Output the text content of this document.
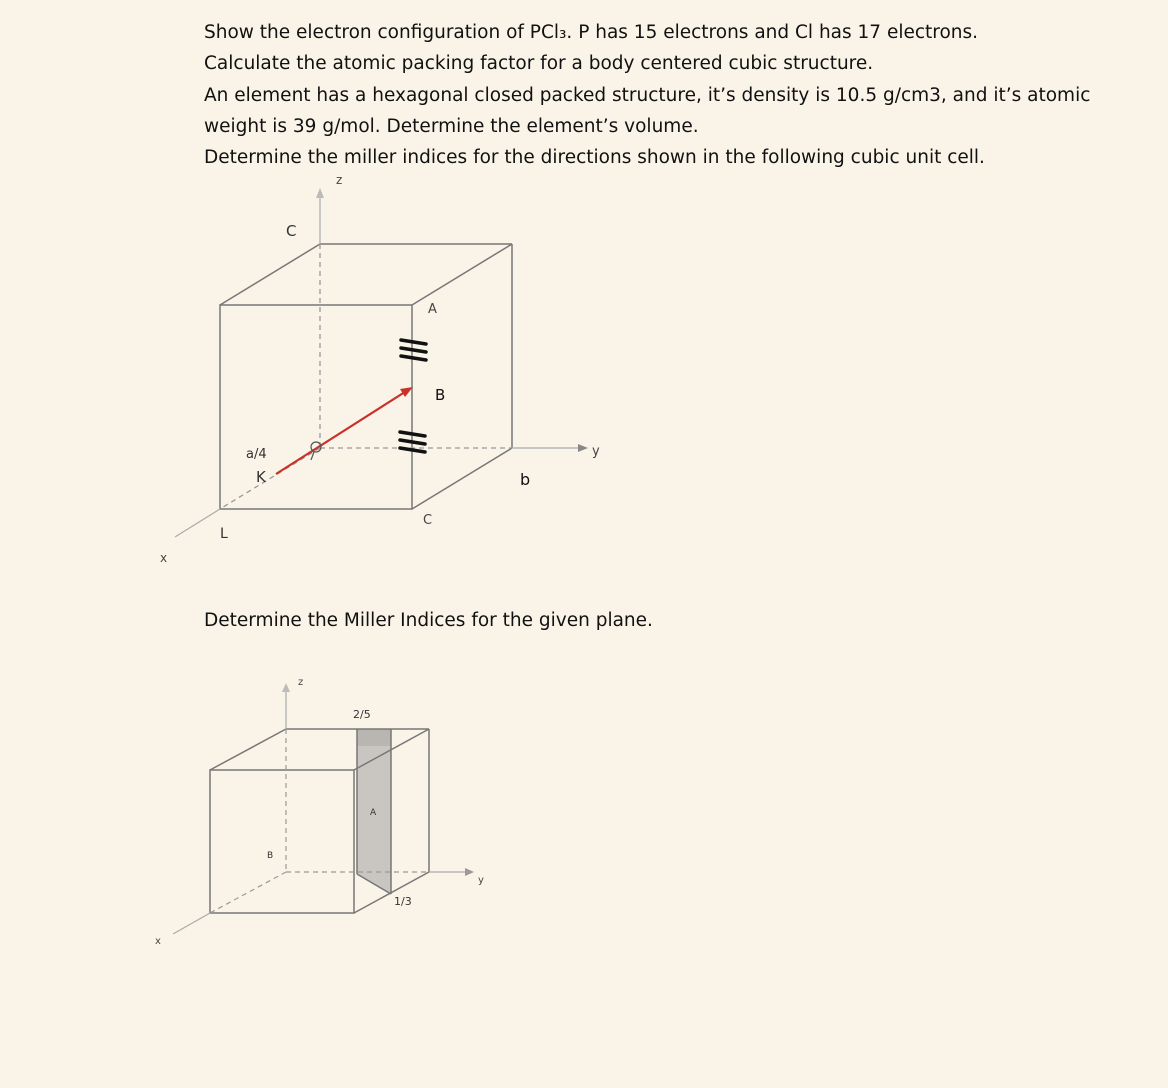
Show the electron configuration of PCl₃. P has 15 electrons and Cl has 17 electrons.
Calculate the atomic packing factor for a body centered cubic structure.
An element has a hexagonal closed packed structure, it’s density is 10.5 g/cm3, and it’s atomic
weight is 39 g/mol. Determine the element’s volume.
Determine the miller indices for the directions shown in the following cubic unit cell.
Determine the Miller Indices for the given plane.
z
C
A
B
y
a/4
K	b
C
L
x
z
2/5
A
B
y
1/3
x
